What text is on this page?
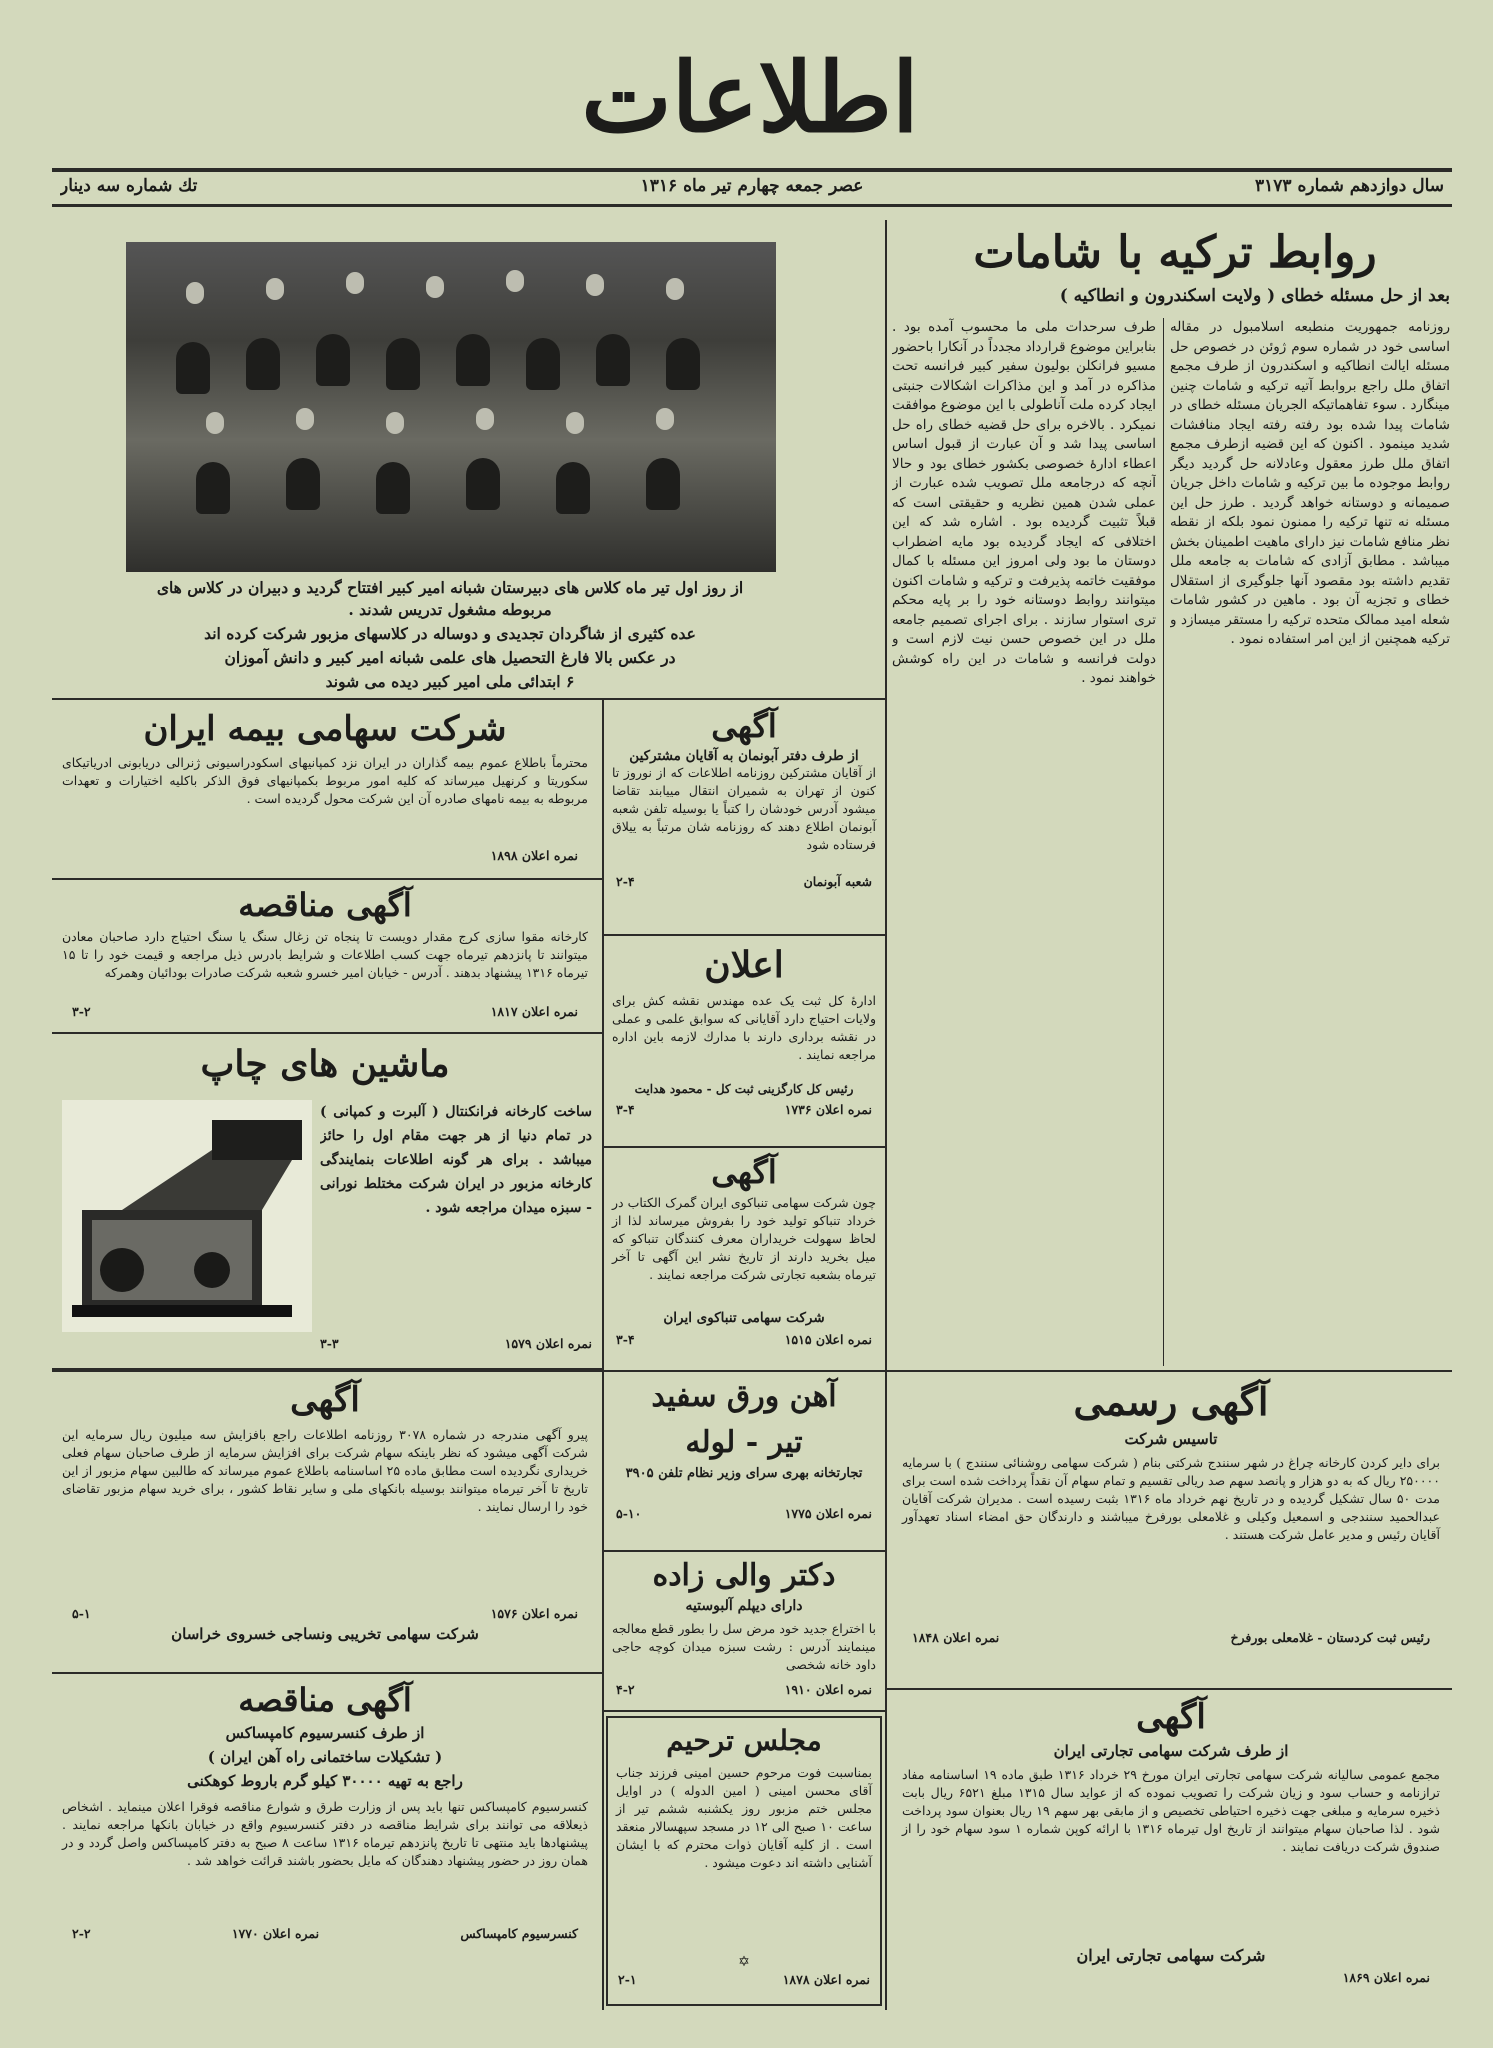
اطلاعات
سال دوازدهم شماره ۳۱۷۳
عصر جمعه چهارم تیر ماه ۱۳۱۶
تك شماره سه دینار
روابط ترکیه با شامات
بعد از حل مسئله خطای ( ولایت اسکندرون و انطاکیه )
روزنامه جمهوریت منطبعه اسلامبول در مقاله اساسی خود در شماره سوم ژوئن در خصوص حل مسئله ایالت انطاکیه و اسکندرون از طرف مجمع اتفاق ملل راجع بروابط آتیه ترکیه و شامات چنین مینگارد . سوء تفاهماتیکه الجریان مسئله خطای در شامات پیدا شده بود رفته رفته ایجاد منافشات شدید مینمود . اکنون که این قضیه ازطرف مجمع اتفاق ملل طرز معقول وعادلانه حل گردید دیگر روابط موجوده ما بین ترکیه و شامات داخل جریان صمیمانه و دوستانه خواهد گردید . طرز حل این مسئله نه تنها ترکیه را ممنون نمود بلکه از نقطه نظر منافع شامات نیز دارای ماهیت اطمینان بخش میباشد . مطابق آزادی که شامات به جامعه ملل تقدیم داشته بود مقصود آنها جلوگیری از استقلال خطای و تجزیه آن بود . ماهین در کشور شامات شعله امید ممالک متحده ترکیه را مستقر میسازد و ترکیه همچنین از این امر استفاده نمود .
طرف سرحدات ملی ما محسوب آمده بود . بنابراین موضوع قرارداد مجدداً در آنکارا باحضور مسیو فرانکلن بولیون سفیر کبیر فرانسه تحت مذاکره در آمد و این مذاکرات اشکالات جنبتی ایجاد کرده ملت آناطولی با این موضوع موافقت نمیکرد . بالاخره برای حل قضیه خطای راه حل اساسی پیدا شد و آن عبارت از قبول اساس اعطاء ادارهٔ خصوصی بکشور خطای بود و حالا آنچه که درجامعه ملل تصویب شده عبارت از عملی شدن همین نظریه و حقیقتی است که قبلاً تثبیت گردیده بود . اشاره شد که این اختلافی که ایجاد گردیده بود مایه اضطراب دوستان ما بود ولی امروز این مسئله با کمال موفقیت خاتمه پذیرفت و ترکیه و شامات اکنون میتوانند روابط دوستانه خود را بر پایه محکم تری استوار سازند . برای اجرای تصمیم جامعه ملل در این خصوص حسن نیت لازم است و دولت فرانسه و شامات در این راه کوشش خواهند نمود .
از روز اول تیر ماه کلاس های دبیرستان شبانه امیر کبیر افتتاح گردید و دبیران در کلاس های
مربوطه مشغول تدریس شدند .
عده کثیری از شاگردان تجدیدی و دوساله در کلاسهای مزبور شرکت کرده اند
در عکس بالا فارغ التحصیل های علمی شبانه امیر کبیر و دانش آموزان
۶ ابتدائی ملی امیر کبیر دیده می شوند
شرکت سهامی بیمه ایران
محترماً باطلاع عموم بیمه گذاران در ایران نزد کمپانیهای اسکودراسیونی ژنرالی دریابونی ادریاتیکای سکوریتا و کرنهیل میرساند که کلیه امور مربوط بکمپانیهای فوق الذکر باکلیه اختیارات و تعهدات مربوطه به بیمه نامهای صادره آن این شرکت محول گردیده است .
نمره اعلان ۱۸۹۸
آگهی
از طرف دفتر آبونمان به آقایان مشترکین
از آقایان مشترکین روزنامه اطلاعات که از نوروز تا کنون از تهران به شمیران انتقال مییابند تقاضا میشود آدرس خودشان را کتباً یا بوسیله تلفن شعبه آبونمان اطلاع دهند که روزنامه شان مرتباً به ییلاق فرستاده شود
شعبه آبونمان
۲-۴
آگهی مناقصه
کارخانه مقوا سازی کرج مقدار دویست تا پنجاه تن زغال سنگ یا سنگ احتیاج دارد صاحبان معادن میتوانند تا پانزدهم تیرماه جهت کسب اطلاعات و شرایط بادرس ذیل مراجعه و قیمت خود را تا ۱۵ تیرماه ۱۳۱۶ پیشنهاد بدهند . آدرس - خیابان امیر خسرو شعبه شرکت صادرات بودائیان وهمرکه
نمره اعلان ۱۸۱۷
۳-۲
اعلان
ادارهٔ کل ثبت یک عده مهندس نقشه کش برای ولایات احتیاج دارد آقایانی که سوابق علمی و عملی در نقشه برداری دارند با مدارك لازمه باین اداره مراجعه نمایند .
رئیس کل کارگزینی ثبت کل - محمود هدایت
نمره اعلان ۱۷۳۶
۳-۴
ماشین های چاپ
ساخت کارخانه فرانکنتال ( آلبرت و کمپانی ) در تمام دنیا از هر جهت مقام اول را حائز میباشد . برای هر گونه اطلاعات بنمایندگی کارخانه مزبور در ایران شرکت مختلط نورانی - سبزه میدان مراجعه شود .
نمره اعلان ۱۵۷۹
۳-۳
آگهی
چون شرکت سهامی تنباکوی ایران گمرک الکتاب در خرداد تنباکو تولید خود را بفروش میرساند لذا از لحاظ سهولت خریداران معرف کنندگان تنباکو که میل بخرید دارند از تاریخ نشر این آگهی تا آخر تیرماه بشعبه تجارتی شرکت مراجعه نمایند .
شرکت سهامی تنباکوی ایران
نمره اعلان ۱۵۱۵
۳-۴
آگهی
پیرو آگهی مندرجه در شماره ۳۰۷۸ روزنامه اطلاعات راجع بافزایش سه میلیون ریال سرمایه این شرکت آگهی میشود که نظر باینکه سهام شرکت برای افزایش سرمایه از طرف صاحبان سهام فعلی خریداری نگردیده است مطابق ماده ۲۵ اساسنامه باطلاع عموم میرساند که طالبین سهام مزبور از این تاریخ تا آخر تیرماه میتوانند بوسیله بانکهای ملی و سایر نقاط کشور ، برای خرید سهام مزبور تقاضای خود را ارسال نمایند .
نمره اعلان ۱۵۷۶
۵-۱
شرکت سهامی تخریبی ونساجی خسروی خراسان
آهن ورق سفید
تیر - لوله
تجارتخانه بهری سرای وزیر نظام تلفن ۳۹۰۵
نمره اعلان ۱۷۷۵
۵-۱۰
دکتر والی زاده
دارای دیپلم آلبوستیه
با اختراع جدید خود مرض سل را بطور قطع معالجه مینمایند آدرس : رشت سبزه میدان کوچه حاجی داود خانه شخصی
نمره اعلان ۱۹۱۰
۴-۲
آگهی مناقصه
از طرف کنسرسیوم کامپساکس
( تشکیلات ساختمانی راه آهن ایران )
راجع به تهیه ۳۰۰۰۰ کیلو گرم باروط کوهکنی
کنسرسیوم کامپساکس تنها باید پس از وزارت طرق و شوارع مناقصه فوقرا اعلان مینماید . اشخاص ذیعلاقه می توانند برای شرایط مناقصه در دفتر کنسرسیوم واقع در خیابان بانکها مراجعه نمایند . پیشنهادها باید منتهی تا تاریخ پانزدهم تیرماه ۱۳۱۶ ساعت ۸ صبح به دفتر کامپساکس واصل گردد و در همان روز در حضور پیشنهاد دهندگان که مایل بحضور باشند قرائت خواهد شد .
کنسرسیوم کامپساکس
نمره اعلان ۱۷۷۰
۲-۲
مجلس ترحیم
بمناسبت فوت مرحوم حسین امینی فرزند جناب آقای محسن امینی ( امین الدوله ) در اوایل مجلس ختم مزبور روز یکشنبه ششم تیر از ساعت ۱۰ صبح الی ۱۲ در مسجد سپهسالار منعقد است . از کلیه آقایان ذوات محترم که با ایشان آشنایی داشته اند دعوت میشود .
✡
نمره اعلان ۱۸۷۸
۲-۱
آگهی رسمی
تاسیس شرکت
برای دایر کردن کارخانه چراغ در شهر سنندج شرکتی بنام ( شرکت سهامی روشنائی سنندج ) با سرمایه ۲۵۰۰۰۰ ریال که به دو هزار و پانصد سهم صد ریالی تقسیم و تمام سهام آن نقداً پرداخت شده است برای مدت ۵۰ سال تشکیل گردیده و در تاریخ نهم خرداد ماه ۱۳۱۶ بثبت رسیده است . مدیران شرکت آقایان عبدالحمید سنندجی و اسمعیل وکیلی و غلامعلی بورفرخ میباشند و دارندگان حق امضاء اسناد تعهدآور آقایان رئیس و مدیر عامل شرکت هستند .
رئیس ثبت کردستان - غلامعلی بورفرخ
نمره اعلان ۱۸۴۸
آگهی
از طرف شرکت سهامی تجارتی ایران
مجمع عمومی سالیانه شرکت سهامی تجارتی ایران مورخ ۲۹ خرداد ۱۳۱۶ طبق ماده ۱۹ اساسنامه مفاد ترازنامه و حساب سود و زیان شرکت را تصویب نموده که از عواید سال ۱۳۱۵ مبلغ ۶۵۲۱ ریال بابت ذخیره سرمایه و مبلغی جهت ذخیره احتیاطی تخصیص و از مابقی بهر سهم ۱۹ ریال بعنوان سود پرداخت شود . لذا صاحبان سهام میتوانند از تاریخ اول تیرماه ۱۳۱۶ با ارائه کوپن شماره ۱ سود سهام خود را از صندوق شرکت دریافت نمایند .
شرکت سهامی تجارتی ایران
نمره اعلان ۱۸۶۹
